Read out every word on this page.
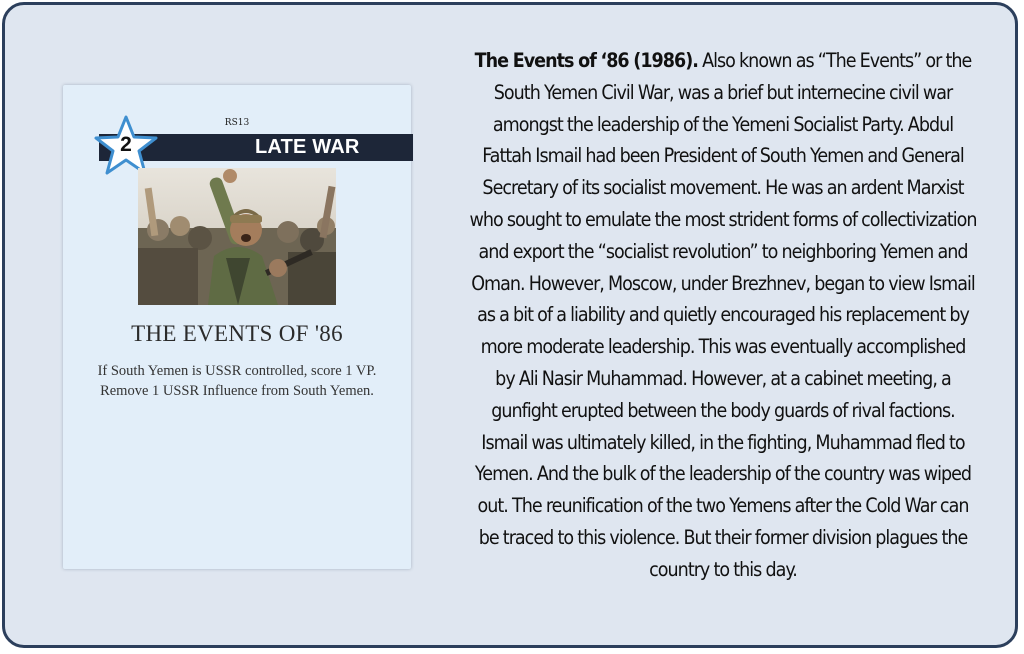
RS13
LATE WAR
2
THE EVENTS OF '86
If South Yemen is USSR controlled, score 1 VP. Remove 1 USSR Influence from South Yemen.
The Events of ‘86 (1986). Also known as “The Events” or the South Yemen Civil War, was a brief but internecine civil war amongst the leadership of the Yemeni Socialist Party. Abdul Fattah Ismail had been President of South Yemen and General Secretary of its socialist movement. He was an ardent Marxist who sought to emulate the most strident forms of collectivization and export the “socialist revolution” to neighboring Yemen and Oman. However, Moscow, under Brezhnev, began to view Ismail as a bit of a liability and quietly encouraged his replacement by more moderate leadership. This was eventually accomplished by Ali Nasir Muhammad. However, at a cabinet meeting, a gunfight erupted between the body guards of rival factions. Ismail was ultimately killed, in the fighting, Muhammad fled to Yemen. And the bulk of the leadership of the country was wiped out. The reunification of the two Yemens after the Cold War can be traced to this violence. But their former division plagues the country to this day.
